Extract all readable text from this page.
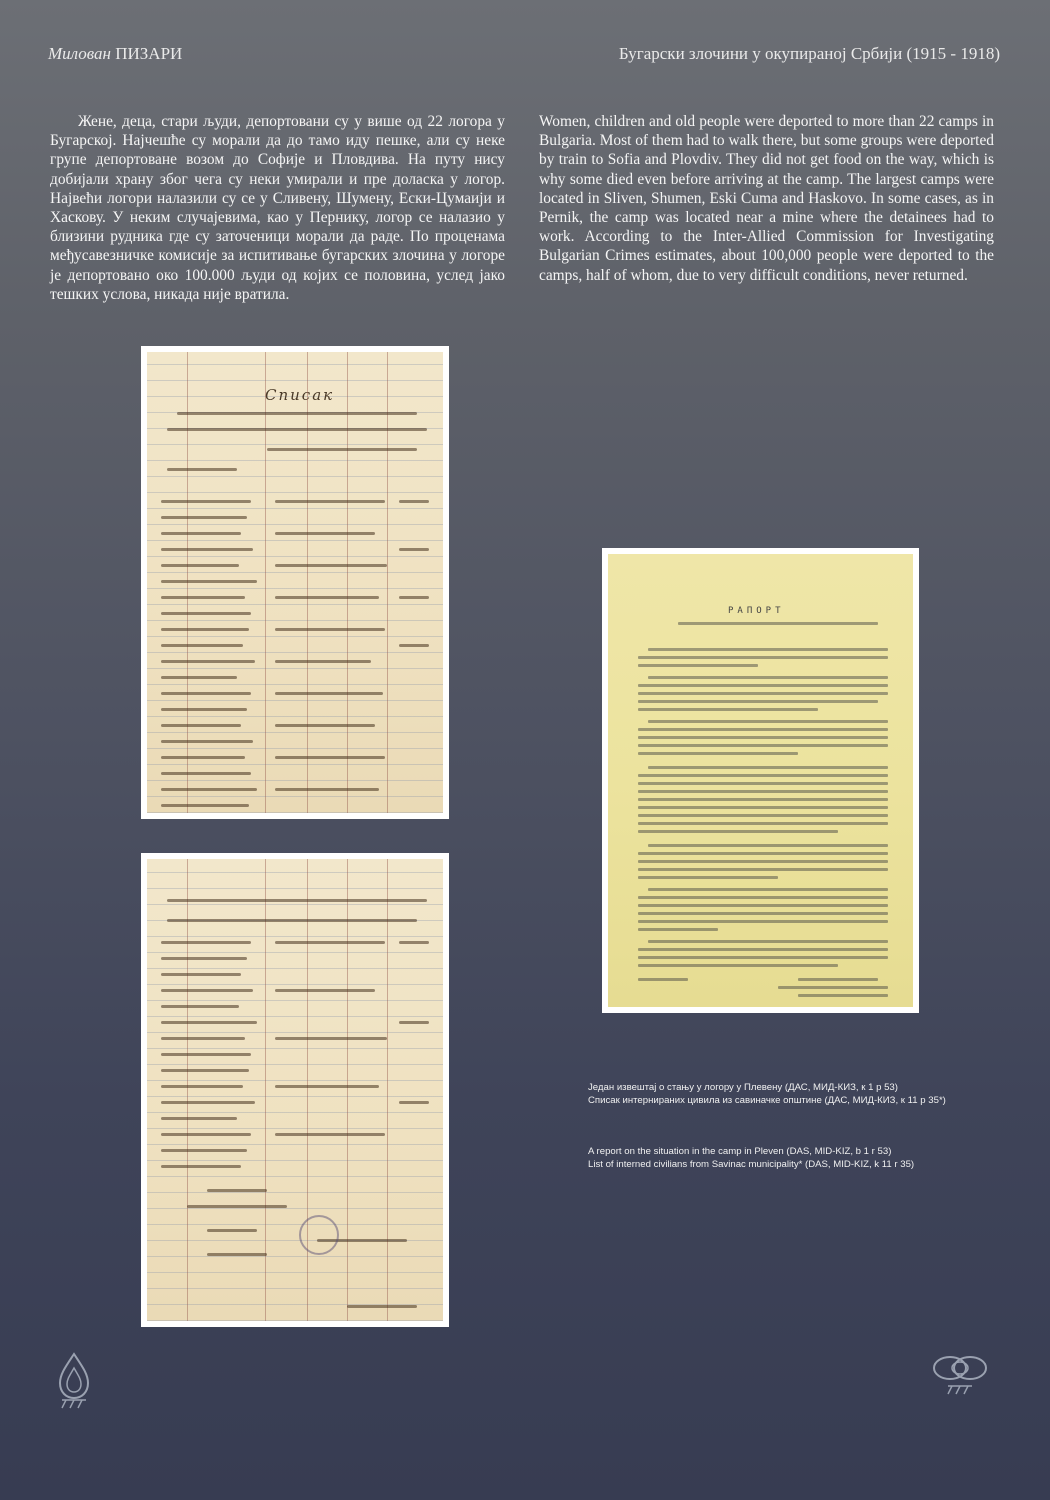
Милован ПИЗАРИ	Бугарски злочини у окупираној Србији (1915 - 1918)
Жене, деца, стари људи, депортовани су у више од 22 логора у Бугарској. Најчешће су морали да до тамо иду пешке, али су неке групе депортоване возом до Софије и Пловдива. На путу нису добијали храну због чега су неки умирали и пре доласка у логор. Највећи логори налазили су се у Сливену, Шумену, Ески-Цумаији и Хаскову. У неким случајевима, као у Пернику, логор се налазио у близини рудника где су заточеници морали да раде. По проценама међусавезничке комисије за испитивање бугарских злочина у логоре је депортовано око 100.000 људи од којих се половина, услед јако тешких услова, никада није вратила.
Women, children and old people were deported to more than 22 camps in Bulgaria. Most of them had to walk there, but some groups were deported by train to Sofia and Plovdiv. They did not get food on the way, which is why some died even before arriving at the camp. The largest camps were located in Sliven, Shumen, Eski Cuma and Haskovo. In some cases, as in Pernik, the camp was located near a mine where the detainees had to work. According to the Inter-Allied Commission for Investigating Bulgarian Crimes estimates, about 100,000 people were deported to the camps, half of whom, due to very difficult conditions, never returned.
Списак
РАПОРТ
Један извештај о стању у логору у Плевену (ДАС, МИД-КИЗ, к 1 р 53)
Списак интернираних цивила из савиначке општине (ДАС, МИД-КИЗ, к 11 р 35*)
A report on the situation in the camp in Pleven (DAS, MID-KIZ, b 1 r 53)
List of interned civilians from Savinac municipality* (DAS, MID-KIZ, k 11 r 35)
